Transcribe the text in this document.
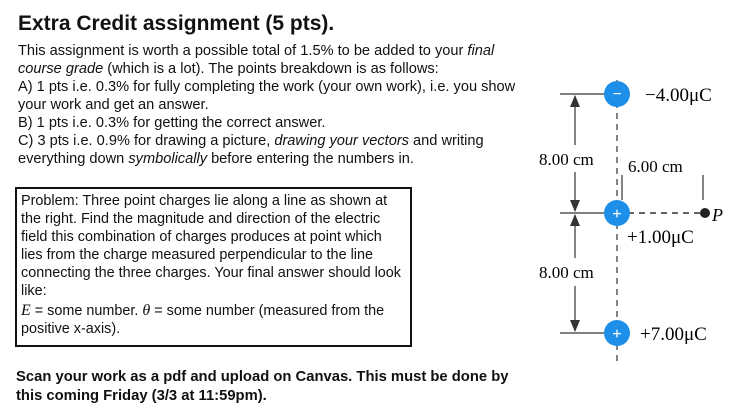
Extra Credit assignment (5 pts).

This assignment is worth a possible total of 1.5% to be added to your final course grade (which is a lot). The points breakdown is as follows:

A) 1 pts i.e. 0.3% for fully completing the work (your own work), i.e. you show your work and get an answer.

B) 1 pts i.e. 0.3% for getting the correct answer.

C) 3 pts i.e. 0.9% for drawing a picture, drawing your vectors and writing everything down symbolically before entering the numbers in.

Problem: Three point charges lie along a line as shown at the right. Find the magnitude and direction of the electric field this combination of charges produces at point which lies from the charge measured perpendicular to the line connecting the three charges. Your final answer should look like:

E = some number. θ = some number (measured from the positive x-axis).

Scan your work as a pdf and upload on Canvas. This must be done by this coming Friday (3/3 at 11:59pm).

−
+
+
P
−4.00μC
+1.00μC
+7.00μC
8.00 cm
8.00 cm
6.00 cm
